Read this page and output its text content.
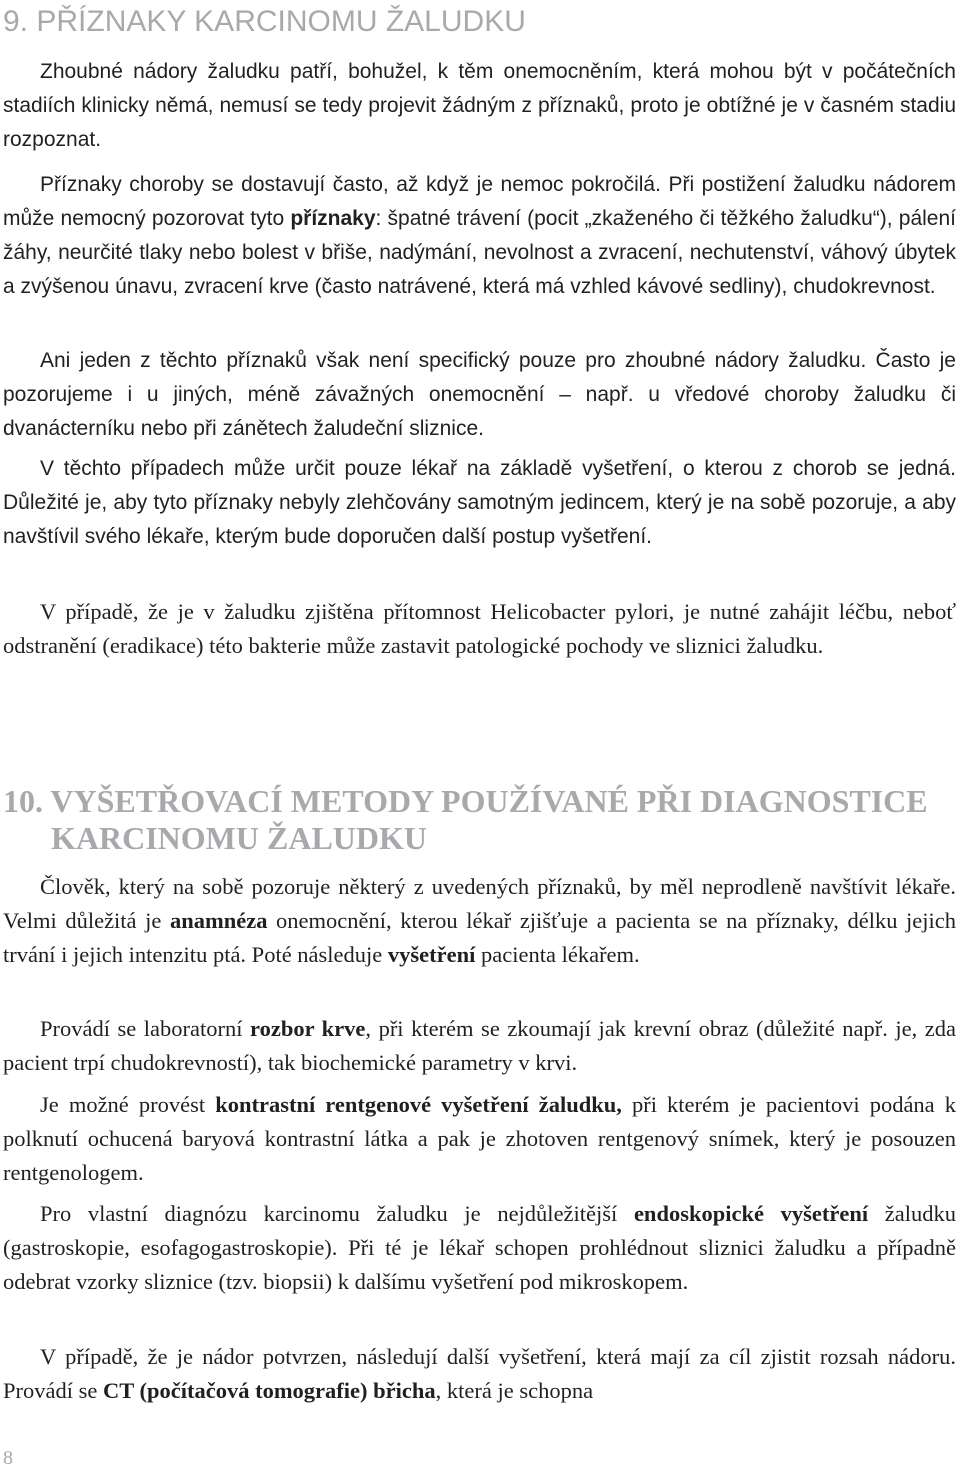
9. PŘÍZNAKY KARCINOMU ŽALUDKU

Zhoubné nádory žaludku patří, bohužel, k těm onemocněním, která mohou být v počátečních stadiích klinicky němá, nemusí se tedy projevit žádným z příznaků, proto je obtížné je v časném stadiu rozpoznat.

Příznaky choroby se dostavují často, až když je nemoc pokročilá. Při postižení žaludku nádorem může nemocný pozorovat tyto příznaky: špatné trávení (pocit „zkaženého či těžkého žaludku“), pálení žáhy, neurčité tlaky nebo bolest v břiše, nadýmání, nevolnost a zvracení, nechutenství, váhový úbytek a zvýšenou únavu, zvracení krve (často natrávené, která má vzhled kávové sedliny), chudokrevnost.

Ani jeden z těchto příznaků však není specifický pouze pro zhoubné nádory žaludku. Často je pozorujeme i u jiných, méně závažných onemocnění – např. u vředové choroby žaludku či dvanácterníku nebo při zánětech žaludeční sliznice.

V těchto případech může určit pouze lékař na základě vyšetření, o kterou z chorob se jedná. Důležité je, aby tyto příznaky nebyly zlehčovány samotným jedincem, který je na sobě pozoruje, a aby navštívil svého lékaře, kterým bude doporučen další postup vyšetření.

V případě, že je v žaludku zjištěna přítomnost Helicobacter pylori, je nutné zahájit léčbu, neboť odstranění (eradikace) této bakterie může zastavit patologické pochody ve sliznici žaludku.

10. VYŠETŘOVACÍ METODY POUŽÍVANÉ PŘI DIAGNOSTICE
KARCINOMU ŽALUDKU

Člověk, který na sobě pozoruje některý z uvedených příznaků, by měl neprodleně navštívit lékaře. Velmi důležitá je anamnéza onemocnění, kterou lékař zjišťuje a pacienta se na příznaky, délku jejich trvání i jejich intenzitu ptá. Poté následuje vyšetření pacienta lékařem.

Provádí se laboratorní rozbor krve, při kterém se zkoumají jak krevní obraz (důležité např. je, zda pacient trpí chudokrevností), tak biochemické parametry v krvi.

Je možné provést kontrastní rentgenové vyšetření žaludku, při kterém je pacientovi podána k polknutí ochucená baryová kontrastní látka a pak je zhotoven rentgenový snímek, který je posouzen rentgenologem.

Pro vlastní diagnózu karcinomu žaludku je nejdůležitější endoskopické vyšetření žaludku (gastroskopie, esofagogastroskopie). Při té je lékař schopen prohlédnout sliznici žaludku a případně odebrat vzorky sliznice (tzv. biopsii) k dalšímu vyšetření pod mikroskopem.

V případě, že je nádor potvrzen, následují další vyšetření, která mají za cíl zjistit rozsah nádoru. Provádí se CT (počítačová tomografie) břicha, která je schopna

8
